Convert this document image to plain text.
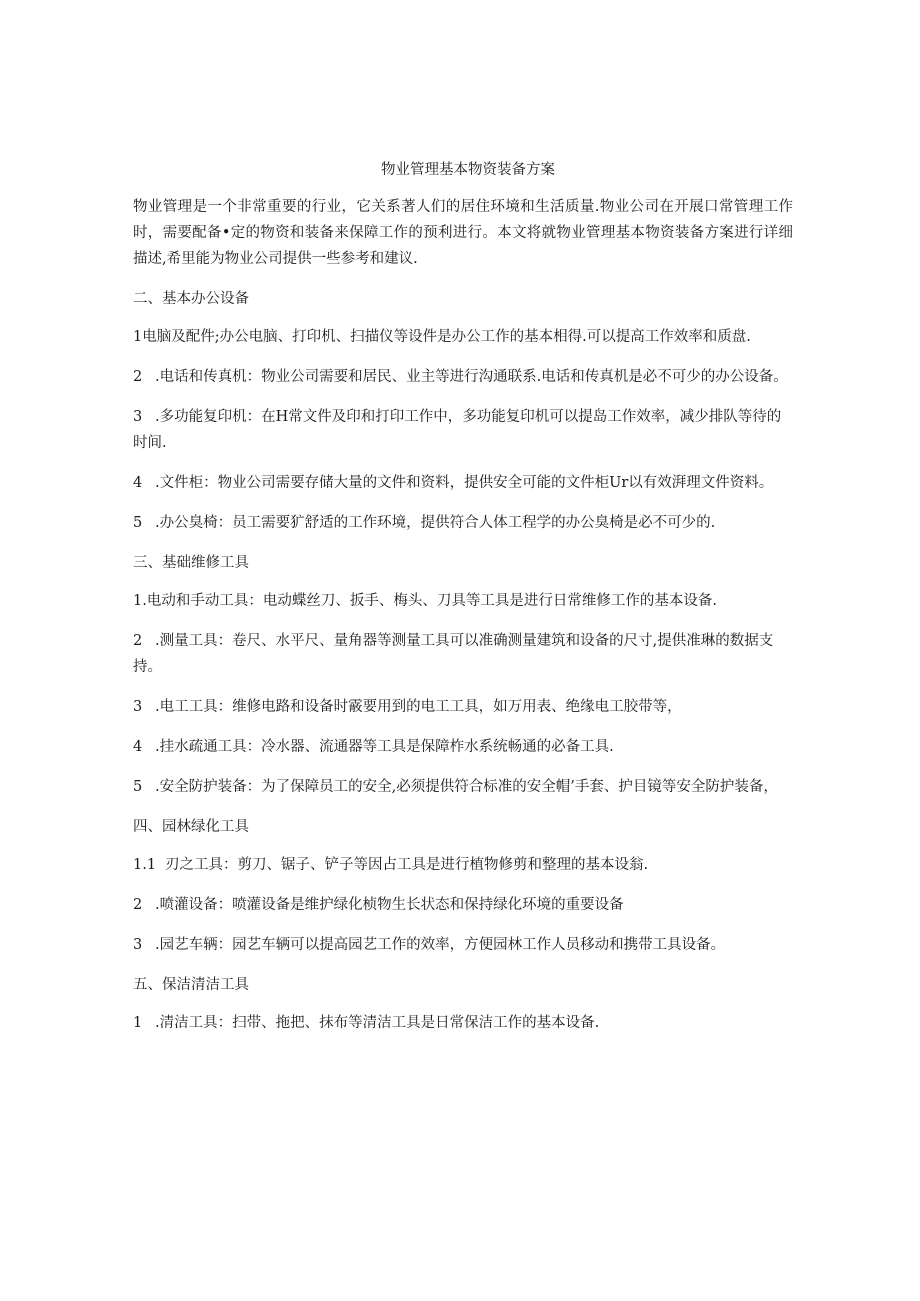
物业管理基本物资装备方案
物业管理是一个非常重要的行业，它关系著人们的居住环境和生活质量.物业公司在开展口常管理工作时，需要配备•定的物资和装备来保障工作的预利进行。本文将就物业管理基本物资装备方案进行详细描述,希里能为物业公司提供一些参考和建议.
二、基本办公设备
1电脑及配件;办公电脑、打印机、扫描仪等设件是办公工作的基本相得.可以提高工作效率和质盘.
2 .电话和传真机：物业公司需要和居民、业主等进行沟通联系.电话和传真机是必不可少的办公设备。
3 .多功能复印机：在H常文件及印和打印工作中，多功能复印机可以提岛工作效率，减少排队等待的时间.
4 .文件柜：物业公司需要存储大量的文件和资料，提供安全可能的文件柜Ur以有效湃理文件资料。
5 .办公臭椅：员工需要犷舒适的工作环境，提供符合人体工程学的办公臭椅是必不可少的.
三、基础维修工具
1.电动和手动工具：电动蝶丝刀、扳手、梅头、刀具等工具是进行日常维修工作的基本设备.
2 .测量工具：卷尺、水平尺、量角器等测量工具可以准确测量建筑和设备的尺寸,提供准琳的数据支持。
3 .电工工具：维修电路和设备时霰要用到的电工工具，如万用表、绝缘电工胶带等，
4 .挂水疏通工具：冷水器、流通器等工具是保障柞水系统畅通的必备工具.
5 .安全防护装备：为了保障员工的安全,必须提供符合标准的安全帽’手套、护目镜等安全防护装备，
四、园林绿化工具
1.1 刃之工具：剪刀、锯子、铲子等因占工具是进行植物修剪和整理的基本设翁.
2 .喷灌设备：喷灌设备是维护绿化桢物生长状态和保持绿化环境的重要设备
3 .园艺车辆：园艺车辆可以提高园艺工作的效率，方便园林工作人员移动和携带工具设备。
五、保洁清洁工具
1 .清洁工具：扫带、拖把、抹布等清洁工具是日常保洁工作的基本设备.
